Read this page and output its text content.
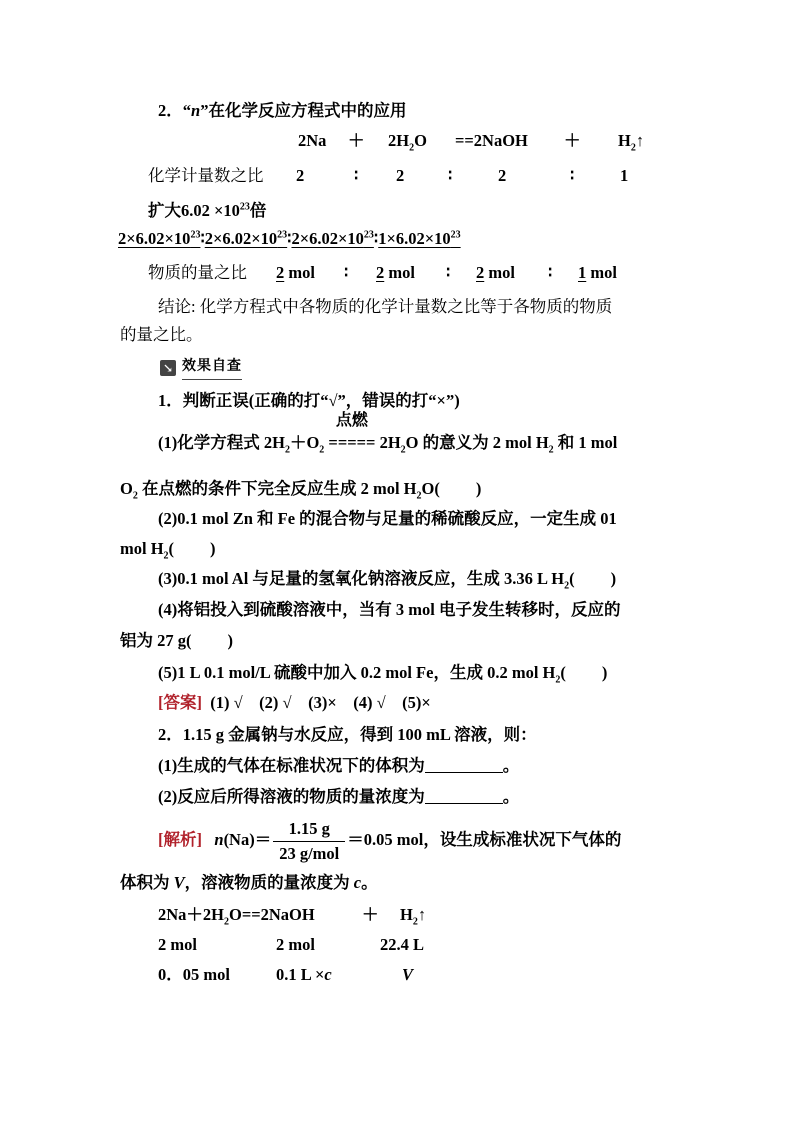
2．“n”在化学反应方程式中的应用
$2Na + 2H_2O$ ==2NaOH ＋ $H_2↑$
化学计量数之比 2	∶ 2	∶	2	∶	1
扩大$6.02 \times 10^{23}$倍
$2\times 6.02\times 10^{23}∶2\times 6.02\times 10^{23}∶2\times 6.02\times 10^{23}∶1\times 6.02\times 10^{23}$
物质的量之比 2 mol ∶ 2 mol ∶ 2 mol ∶ 1 mol
结论: 化学方程式中各物质的化学计量数之比等于各物质的物质
的量之比。
↘ 效果自查
1．判断正误(正确的打“√”，错误的打“×”)
(1)化学方程式 $2H_2+O_2$
点燃
===== $2H_2O$ 的意义为 2 mol $H_2$ 和 1 mol
$O_2$ 在点燃的条件下完全反应生成 2 mol $H_2O$( )
(2)0.1 mol Zn 和 Fe 的混合物与足量的稀硫酸反应，一定生成 01
mol $H_2$( )
(3)0.1 mol Al 与足量的氢氧化钠溶液反应，生成 3.36 L $H_2$( )
(4)将铝投入到硫酸溶液中，当有 3 mol 电子发生转移时，反应的
铝为 27 g( )
(5)1 L 0.1 mol/L 硫酸中加入 0.2 mol Fe，生成 0.2 mol $H_2$( )
[答案] (1) √　(2) √　(3)×　(4) √　(5)×
2．1.15 g 金属钠与水反应，得到 100 mL 溶液，则：
(1)生成的气体在标准状况下的体积为	。
(2)反应后所得溶液的物质的量浓度为	。
[解析] $n(Na)= \frac{1.15 g}{\text{23 g/mol}} =0.05$ mol，设生成标准状况下气体的
体积为 V，溶液物质的量浓度为 c。
$2Na+2H_2O==2NaOH$	＋ $H_2↑$
2 mol	2 mol	22.4 L
0．05 mol	0.1 L ×c	V
